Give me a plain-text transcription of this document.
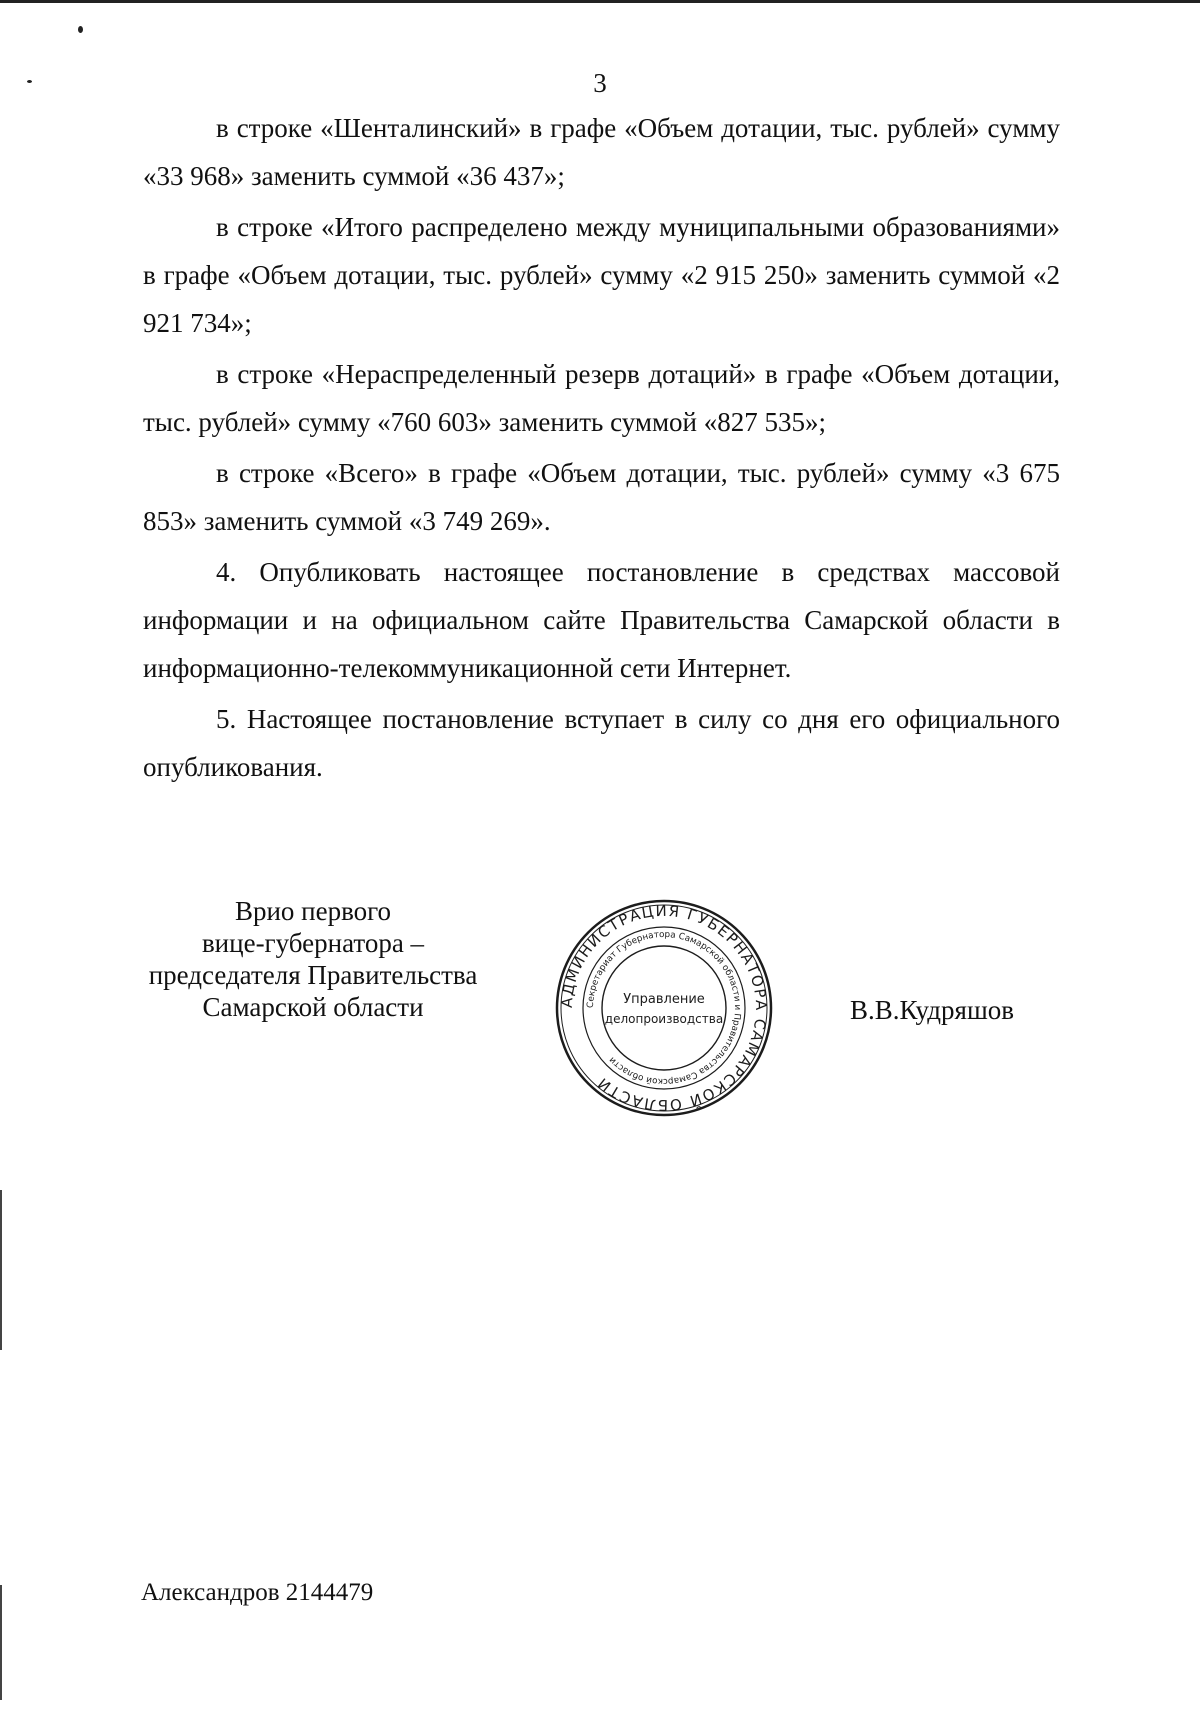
3

в строке «Шенталинский» в графе «Объем дотации, тыс. рублей» сумму «33 968» заменить суммой «36 437»;

в строке «Итого распределено между муниципальными образованиями» в графе «Объем дотации, тыс. рублей» сумму «2 915 250» заменить суммой «2 921 734»;

в строке «Нераспределенный резерв дотаций» в графе «Объем дотации, тыс. рублей» сумму «760 603» заменить суммой «827 535»;

в строке «Всего» в графе «Объем дотации, тыс. рублей» сумму «3 675 853» заменить суммой «3 749 269».

4. Опубликовать настоящее постановление в средствах массовой информации и на официальном сайте Правительства Самарской области в информационно-телекоммуникационной сети Интернет.

5. Настоящее постановление вступает в силу со дня его официального опубликования.

Врио первого
вице-губернатора –
председателя Правительства
Самарской области	АДМИНИСТРАЦИЯ ГУБЕРНАТОРА САМАРСКОЙ ОБЛАСТИ
Секретариат Губернатора Самарской области и Правительства Самарской области
Управление
делопроизводства	В.В.Кудряшов
Александров 2144479
